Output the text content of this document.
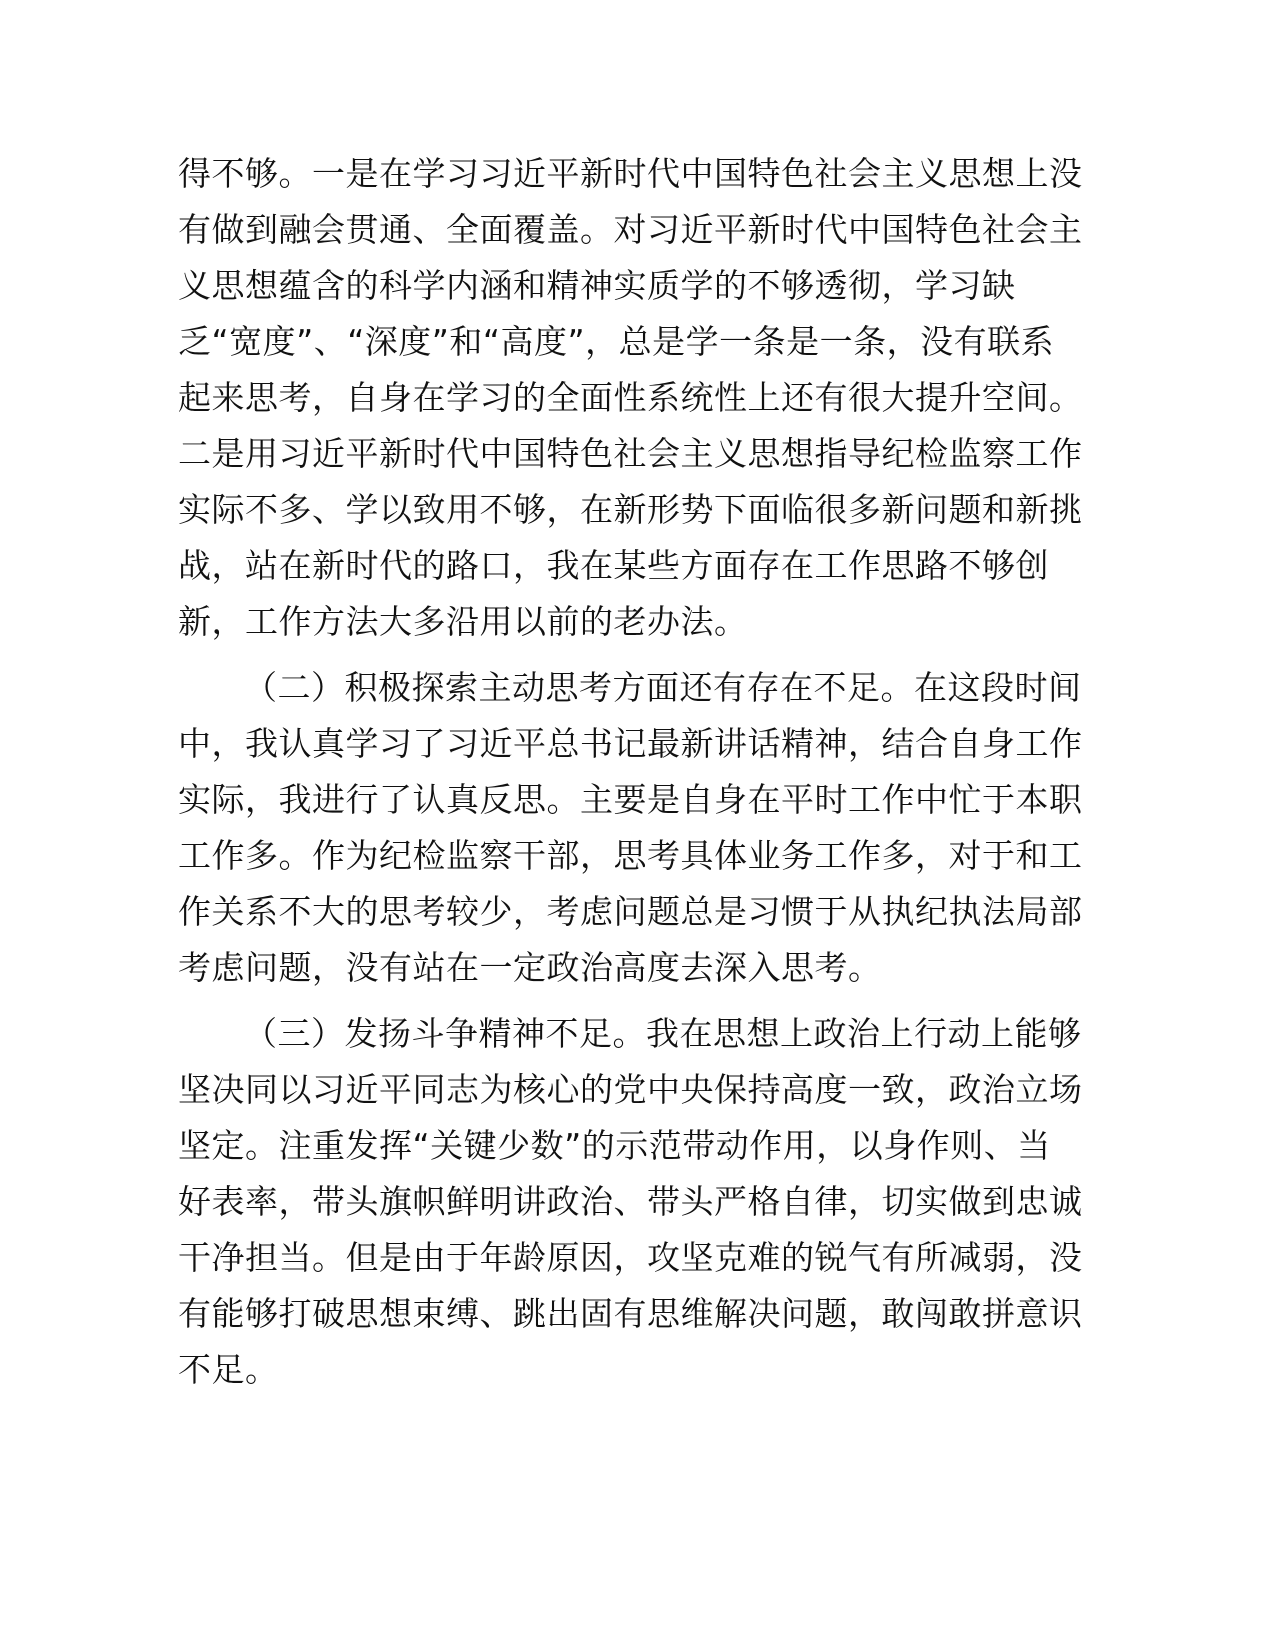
得不够。一是在学习习近平新时代中国特色社会主义思想上没
有做到融会贯通、全面覆盖。对习近平新时代中国特色社会主
义思想蕴含的科学内涵和精神实质学的不够透彻，学习缺
乏“宽度”、“深度”和“高度”，总是学一条是一条，没有联系
起来思考，自身在学习的全面性系统性上还有很大提升空间。
二是用习近平新时代中国特色社会主义思想指导纪检监察工作
实际不多、学以致用不够，在新形势下面临很多新问题和新挑
战，站在新时代的路口，我在某些方面存在工作思路不够创
新，工作方法大多沿用以前的老办法。
（二）积极探索主动思考方面还有存在不足。在这段时间
中，我认真学习了习近平总书记最新讲话精神，结合自身工作
实际，我进行了认真反思。主要是自身在平时工作中忙于本职
工作多。作为纪检监察干部，思考具体业务工作多，对于和工
作关系不大的思考较少，考虑问题总是习惯于从执纪执法局部
考虑问题，没有站在一定政治高度去深入思考。
（三）发扬斗争精神不足。我在思想上政治上行动上能够
坚决同以习近平同志为核心的党中央保持高度一致，政治立场
坚定。注重发挥“关键少数”的示范带动作用，以身作则、当
好表率，带头旗帜鲜明讲政治、带头严格自律，切实做到忠诚
干净担当。但是由于年龄原因，攻坚克难的锐气有所减弱，没
有能够打破思想束缚、跳出固有思维解决问题，敢闯敢拼意识
不足。
